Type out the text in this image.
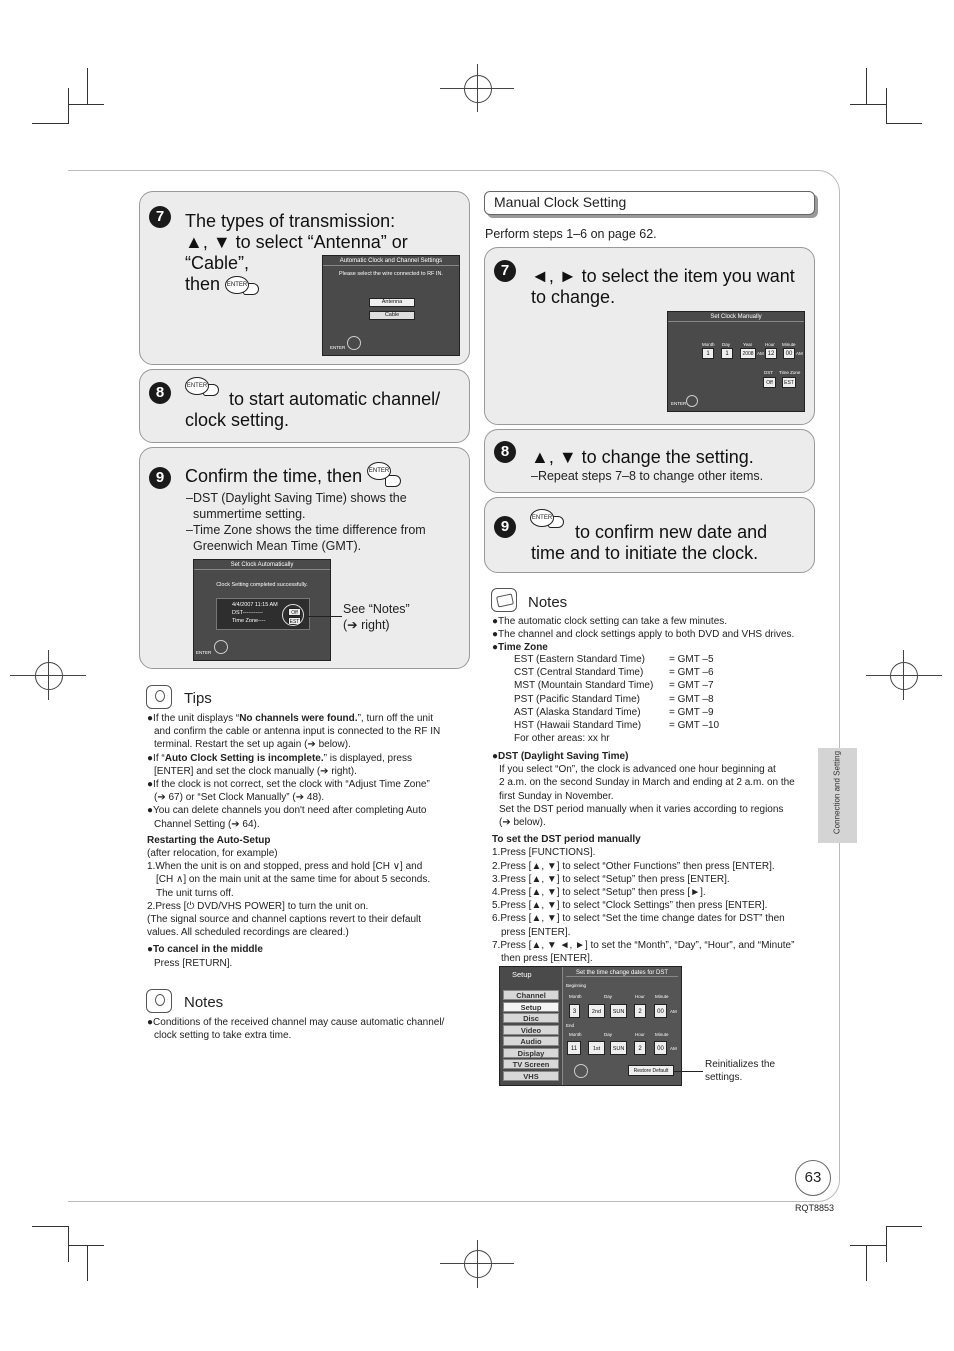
7	The types of transmission:
▲, ▼ to select “Antenna” or
“Cable”,
then ENTER
Automatic Clock and Channel Settings
Please select the wire connected to RF IN.
Antenna
Cable
ENTER
8	ENTER
to start automatic channel/
clock setting.
9	Confirm the time, then ENTER
–DST (Daylight Saving Time) shows the
summertime setting.
–Time Zone shows the time difference from
Greenwich Mean Time (GMT).
Set Clock Automatically
Clock Setting completed successfully.
4/4/2007 11:15 AM
DST-----------
Time Zone----
Off
EST
ENTER
See “Notes”
(➔ right)
Tips
●If the unit displays “No channels were found.”, turn off the unit
and confirm the cable or antenna input is connected to the RF IN
terminal. Restart the set up again (➔ below).
●If “Auto Clock Setting is incomplete.” is displayed, press
[ENTER] and set the clock manually (➔ right).
●If the clock is not correct, set the clock with “Adjust Time Zone”
(➔ 67) or “Set Clock Manually” (➔ 48).
●You can delete channels you don't need after completing Auto
Channel Setting (➔ 64).
Restarting the Auto-Setup
(after relocation, for example)
1.When the unit is on and stopped, press and hold [CH ∨] and
[CH ∧] on the main unit at the same time for about 5 seconds.
The unit turns off.
2.Press [⏻ DVD/VHS POWER] to turn the unit on.
(The signal source and channel captions revert to their default
values. All scheduled recordings are cleared.)
●To cancel in the middle
Press [RETURN].
Notes
●Conditions of the received channel may cause automatic channel/
clock setting to take extra time.
Manual Clock Setting
Perform steps 1–6 on page 62.
7	◄, ► to select the item you want
to change.
Set Clock Manually
Month Day	Year	Hour Minute
1	1	2008 AM 12	00 AM
DST Time Zone
Off	EST
ENTER
8	▲, ▼ to change the setting.
–Repeat steps 7–8 to change other items.
9	ENTER
to confirm new date and
time and to initiate the clock.
Notes
●The automatic clock setting can take a few minutes.
●The channel and clock settings apply to both DVD and VHS drives.
●Time Zone
EST (Eastern Standard Time) = GMT –5
CST (Central Standard Time)	= GMT –6
MST (Mountain Standard Time) = GMT –7
PST (Pacific Standard Time)	= GMT –8
AST (Alaska Standard Time)	= GMT –9
HST (Hawaii Standard Time)	= GMT –10
For other areas: xx hr
●DST (Daylight Saving Time)
If you select “On”, the clock is advanced one hour beginning at
2 a.m. on the second Sunday in March and ending at 2 a.m. on the
first Sunday in November.
Set the DST period manually when it varies according to regions
(➔ below).
To set the DST period manually
1.Press [FUNCTIONS].
2.Press [▲, ▼] to select “Other Functions” then press [ENTER].
3.Press [▲, ▼] to select “Setup” then press [ENTER].
4.Press [▲, ▼] to select “Setup” then press [►].
5.Press [▲, ▼] to select “Clock Settings” then press [ENTER].
6.Press [▲, ▼] to select “Set the time change dates for DST” then
press [ENTER].
7.Press [▲, ▼ ◄, ►] to set the “Month”, “Day”, “Hour”, and “Minute”
then press [ENTER].
Setup
Channel
Setup
Disc
Video
Audio
Display
TV Screen
VHS
Set the time change dates for DST
Beginning
Month	Day	Hour Minute
3	2nd	SUN	2	00	AM
End
Month	Day	Hour Minute
11	1st	SUN	2	00	AM
Restore Default
Reinitializes the
settings.
Connection and Setting
63
RQT8853
